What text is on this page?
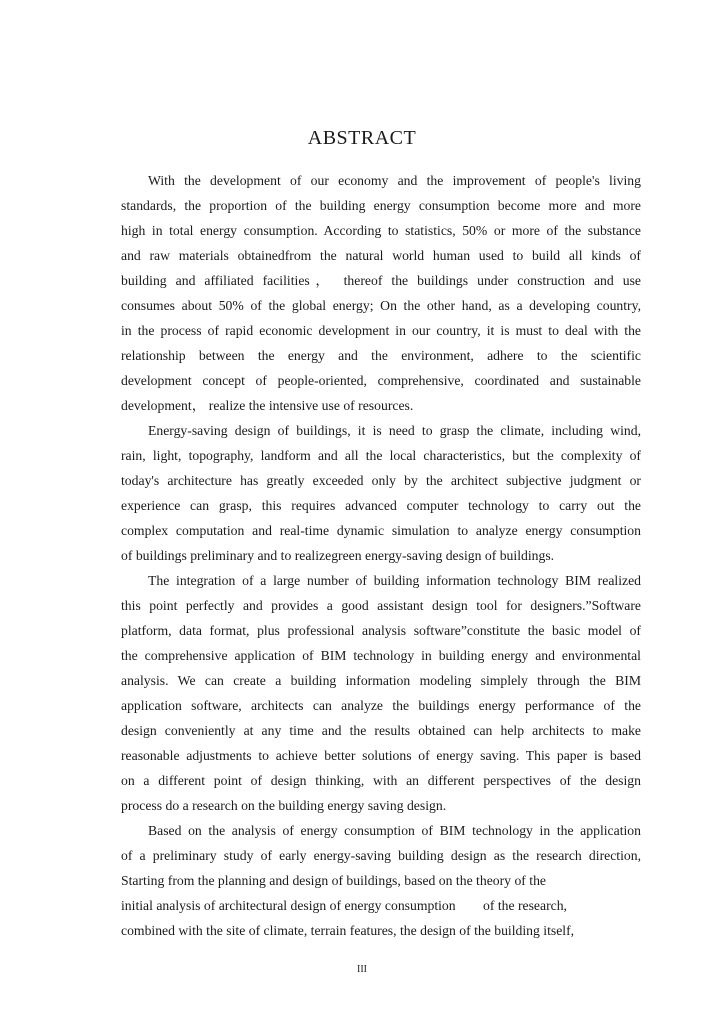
ABSTRACT
With the development of our economy and the improvement of people's living
standards, the proportion of the building energy consumption become more and more
high in total energy consumption. According to statistics, 50% or more of the substance
and raw materials obtainedfrom the natural world human used to build all kinds of
building and affiliated facilities， thereof the buildings under construction and use
consumes about 50% of the global energy; On the other hand, as a developing country,
in the process of rapid economic development in our country, it is must to deal with the
relationship between the energy and the environment, adhere to the scientific
development concept of people-oriented, comprehensive, coordinated and sustainable
development， realize the intensive use of resources.
Energy-saving design of buildings, it is need to grasp the climate, including wind,
rain, light, topography, landform and all the local characteristics, but the complexity of
today's architecture has greatly exceeded only by the architect subjective judgment or
experience can grasp, this requires advanced computer technology to carry out the
complex computation and real-time dynamic simulation to analyze energy consumption
of buildings preliminary and to realizegreen energy-saving design of buildings.
The integration of a large number of building information technology BIM realized
this point perfectly and provides a good assistant design tool for designers.”Software
platform, data format, plus professional analysis software”constitute the basic model of
the comprehensive application of BIM technology in building energy and environmental
analysis. We can create a building information modeling simplely through the BIM
application software, architects can analyze the buildings energy performance of the
design conveniently at any time and the results obtained can help architects to make
reasonable adjustments to achieve better solutions of energy saving. This paper is based
on a different point of design thinking, with an different perspectives of the design
process do a research on the building energy saving design.
Based on the analysis of energy consumption of BIM technology in the application
of a preliminary study of early energy-saving building design as the research direction,
Starting from the planning and design of buildings, based on the theory of the
initial analysis of architectural design of energy consumption        of the research,
combined with the site of climate, terrain features, the design of the building itself,
III
